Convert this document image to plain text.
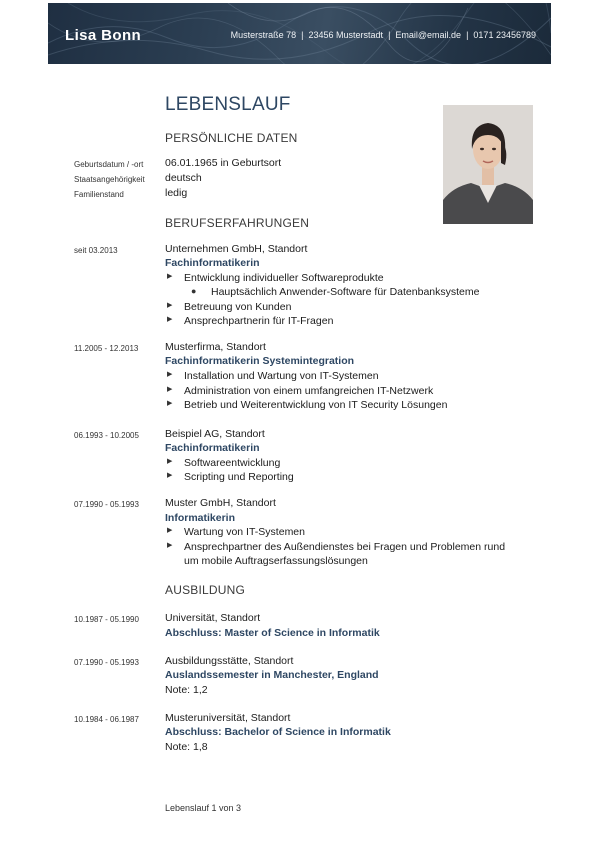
Lisa Bonn	Musterstraße 78 | 23456 Musterstadt | Email@email.de | 0171 23456789
LEBENSLAUF
PERSÖNLICHE DATEN
Geburtsdatum / -ort 06.01.1965 in Geburtsort
Staatsangehörigkeit deutsch
Familienstand	ledig
BERUFSERFAHRUNGEN
seit 03.2013	Unternehmen GmbH, Standort
Fachinformatikerin
▶ Entwicklung individueller Softwareprodukte
● Hauptsächlich Anwender-Software für Datenbanksysteme
▶ Betreuung von Kunden
▶ Ansprechpartnerin für IT-Fragen
11.2005 - 12.2013	Musterfirma, Standort
Fachinformatikerin Systemintegration
▶ Installation und Wartung von IT-Systemen
▶ Administration von einem umfangreichen IT-Netzwerk
▶ Betrieb und Weiterentwicklung von IT Security Lösungen
06.1993 - 10.2005 Beispiel AG, Standort
Fachinformatikerin
▶ Softwareentwicklung
▶ Scripting und Reporting
07.1990 - 05.1993 Muster GmbH, Standort
Informatikerin
▶ Wartung von IT-Systemen
▶ Ansprechpartner des Außendienstes bei Fragen und Problemen rund
um mobile Auftragserfassungslösungen
AUSBILDUNG
10.1987 - 05.1990 Universität, Standort
Abschluss: Master of Science in Informatik
07.1990 - 05.1993 Ausbildungsstätte, Standort
Auslandssemester in Manchester, England
Note: 1,2
10.1984 - 06.1987 Musteruniversität, Standort
Abschluss: Bachelor of Science in Informatik
Note: 1,8
Lebenslauf 1 von 3
